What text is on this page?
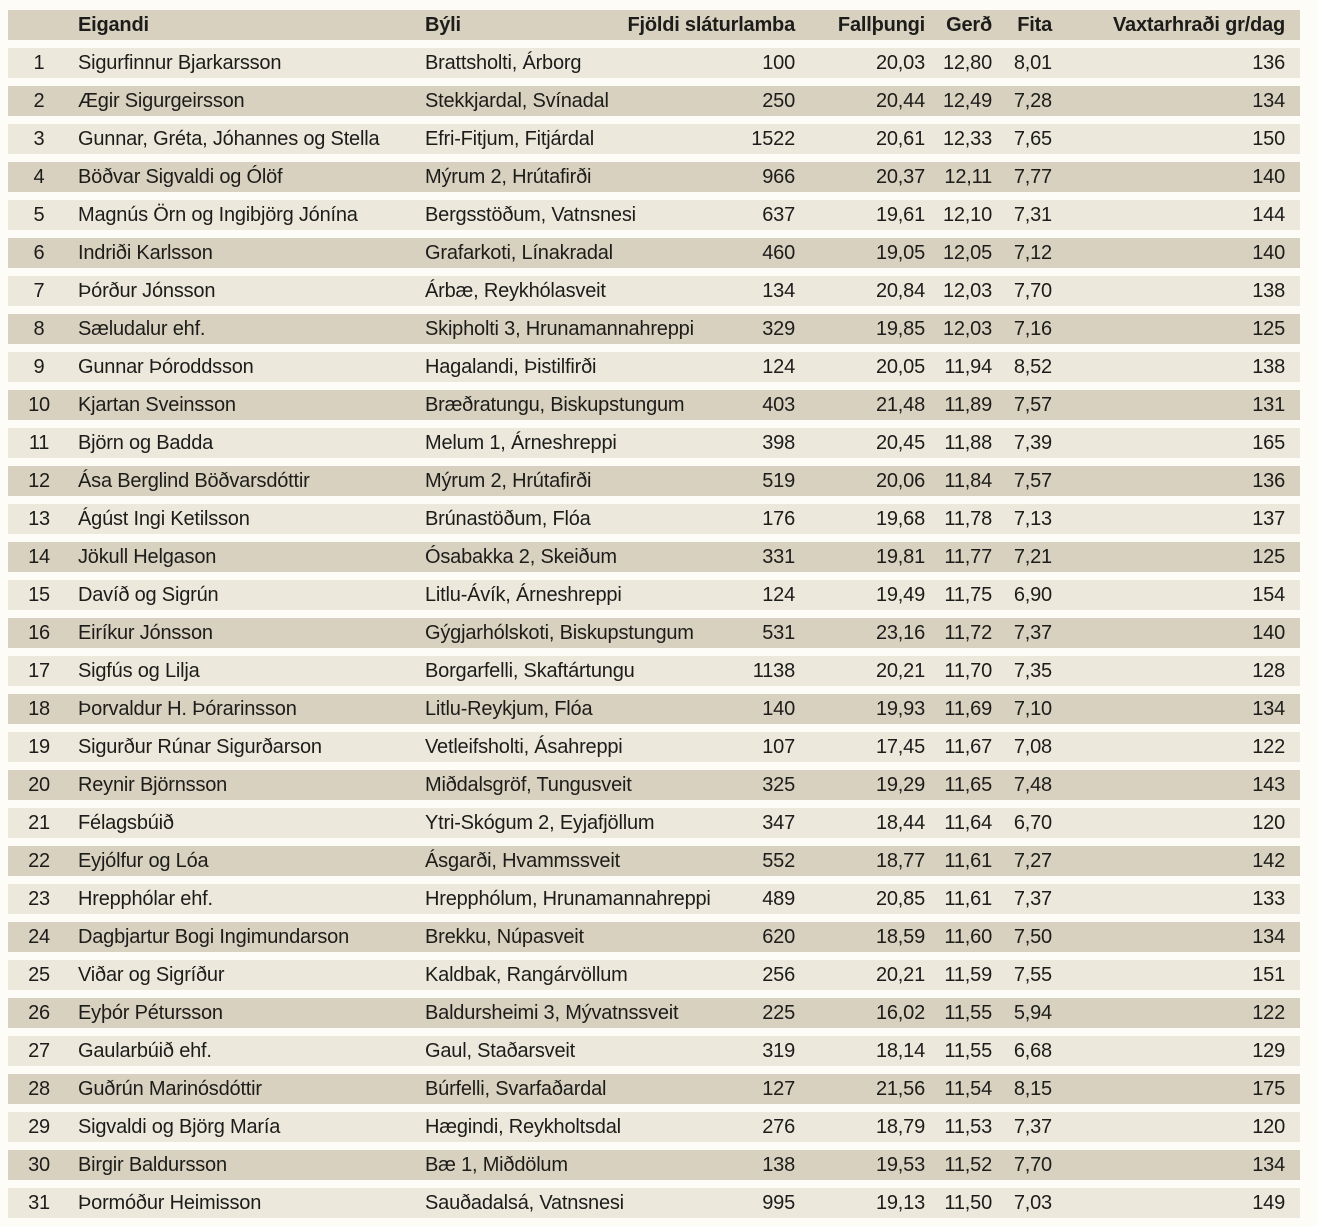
	Eigandi	Býli	Fjöldi sláturlamba	Fallþungi	Gerð	Fita	Vaxtarhraði gr/dag
1	Sigurfinnur Bjarkarsson	Brattsholti, Árborg	100	20,03	12,80	8,01	136
2	Ægir Sigurgeirsson	Stekkjardal, Svínadal	250	20,44	12,49	7,28	134
3	Gunnar, Gréta, Jóhannes og Stella	Efri-Fitjum, Fitjárdal	1522	20,61	12,33	7,65	150
4	Böðvar Sigvaldi og Ólöf	Mýrum 2, Hrútafirði	966	20,37	12,11	7,77	140
5	Magnús Örn og Ingibjörg Jónína	Bergsstöðum, Vatnsnesi	637	19,61	12,10	7,31	144
6	Indriði Karlsson	Grafarkoti, Línakradal	460	19,05	12,05	7,12	140
7	Þórður Jónsson	Árbæ, Reykhólasveit	134	20,84	12,03	7,70	138
8	Sæludalur ehf.	Skipholti 3, Hrunamannahreppi	329	19,85	12,03	7,16	125
9	Gunnar Þóroddsson	Hagalandi, Þistilfirði	124	20,05	11,94	8,52	138
10	Kjartan Sveinsson	Bræðratungu, Biskupstungum	403	21,48	11,89	7,57	131
11	Björn og Badda	Melum 1, Árneshreppi	398	20,45	11,88	7,39	165
12	Ása Berglind Böðvarsdóttir	Mýrum 2, Hrútafirði	519	20,06	11,84	7,57	136
13	Ágúst Ingi Ketilsson	Brúnastöðum, Flóa	176	19,68	11,78	7,13	137
14	Jökull Helgason	Ósabakka 2, Skeiðum	331	19,81	11,77	7,21	125
15	Davíð og Sigrún	Litlu-Ávík, Árneshreppi	124	19,49	11,75	6,90	154
16	Eiríkur Jónsson	Gýgjarhólskoti, Biskupstungum	531	23,16	11,72	7,37	140
17	Sigfús og Lilja	Borgarfelli, Skaftártungu	1138	20,21	11,70	7,35	128
18	Þorvaldur H. Þórarinsson	Litlu-Reykjum, Flóa	140	19,93	11,69	7,10	134
19	Sigurður Rúnar Sigurðarson	Vetleifsholti, Ásahreppi	107	17,45	11,67	7,08	122
20	Reynir Björnsson	Miðdalsgröf, Tungusveit	325	19,29	11,65	7,48	143
21	Félagsbúið	Ytri-Skógum 2, Eyjafjöllum	347	18,44	11,64	6,70	120
22	Eyjólfur og Lóa	Ásgarði, Hvammssveit	552	18,77	11,61	7,27	142
23	Hrepphólar ehf.	Hrepphólum, Hrunamannahreppi	489	20,85	11,61	7,37	133
24	Dagbjartur Bogi Ingimundarson	Brekku, Núpasveit	620	18,59	11,60	7,50	134
25	Viðar og Sigríður	Kaldbak, Rangárvöllum	256	20,21	11,59	7,55	151
26	Eyþór Pétursson	Baldursheimi 3, Mývatnssveit	225	16,02	11,55	5,94	122
27	Gaularbúið ehf.	Gaul, Staðarsveit	319	18,14	11,55	6,68	129
28	Guðrún Marinósdóttir	Búrfelli, Svarfaðardal	127	21,56	11,54	8,15	175
29	Sigvaldi og Björg María	Hægindi, Reykholtsdal	276	18,79	11,53	7,37	120
30	Birgir Baldursson	Bæ 1, Miðdölum	138	19,53	11,52	7,70	134
31	Þormóður Heimisson	Sauðadalsá, Vatnsnesi	995	19,13	11,50	7,03	149
